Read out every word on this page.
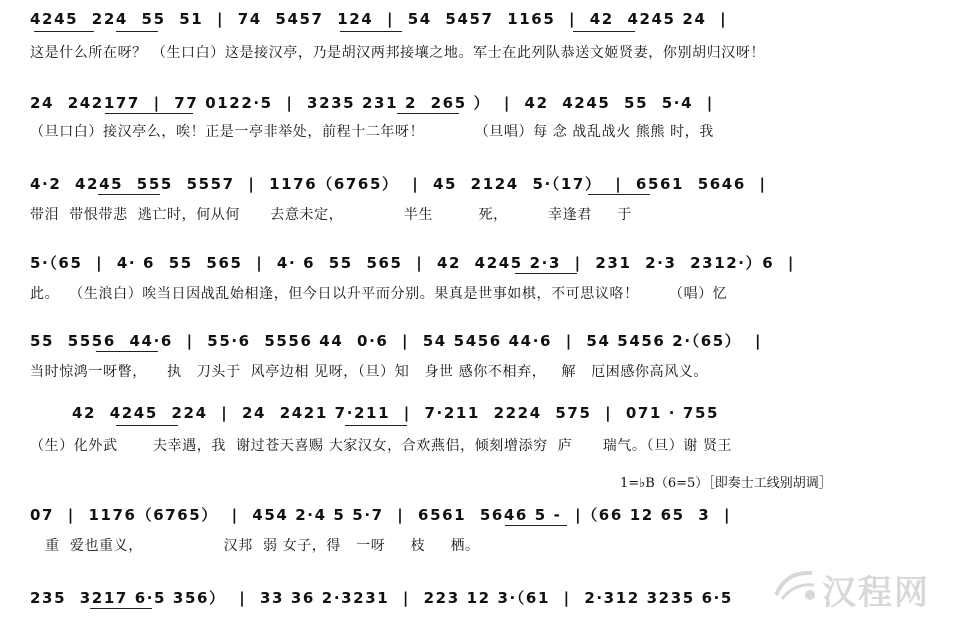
4245  224  55  51  |  74  5457  124  |  54  5457  1165  |  42  4245 24  |
这是什么所在呀？ （生口白）这是接汉亭，乃是胡汉两邦接壤之地。军士在此列队恭送文姬贤妻，你别胡归汉呀！
24  242177  |  77 0122·5  |  3235 231 2  265 ）  |  42  4245  55  5·4  |
（旦口白）接汉亭么，唉！正是一亭非举处，前程十二年呀！          （旦唱）每 念 战乱战火 熊熊 时，我
4·2  4245  555  5557  |  1176（6765）  |  45  2124  5·（17）  |  6561  5646  |
带泪  带恨带悲  逃亡时，何从何      去意未定，            半生         死，        幸逢君     于
5·（65  |  4· 6  55  565  |  4· 6  55  565  |  42  4245 2·3  |  231  2·3  2312·）6  |
此。  （生浪白）唉当日因战乱始相逢，但今日以升平而分别。果真是世事如棋，不可思议咯！      （唱）忆
55  5556  44·6  |  55·6  5556 44  0·6  |  54 5456 44·6  |  54 5456 2·（65）  |
当时惊鸿一呀瞥，    执   刀头于  风亭边相 见呀，（旦）知   身世 感你不相弃，   解   厄困感你高风义。
42  4245  224  |  24  2421 7·211  |  7·211  2224  575  |  071 · 755
（生）化外武       夫幸遇，我  谢过苍天喜赐 大家汉女，合欢燕侣，倾刻增添穷  庐      瑞气。（旦）谢 贤王
1=♭B（6=5）［即奏士工线别胡调］
07  |  1176（6765）  |  454 2·4 5 5·7  |  6561  5646 5 -  |（66 12 65  3  |
重  爱也重义，                汉邦  弱 女子，得   一呀     枝     栖。
235  3217 6·5 356）  |  33 36 2·3231  |  223 12 3·（61  |  2·312 3235 6·5	汉程网
